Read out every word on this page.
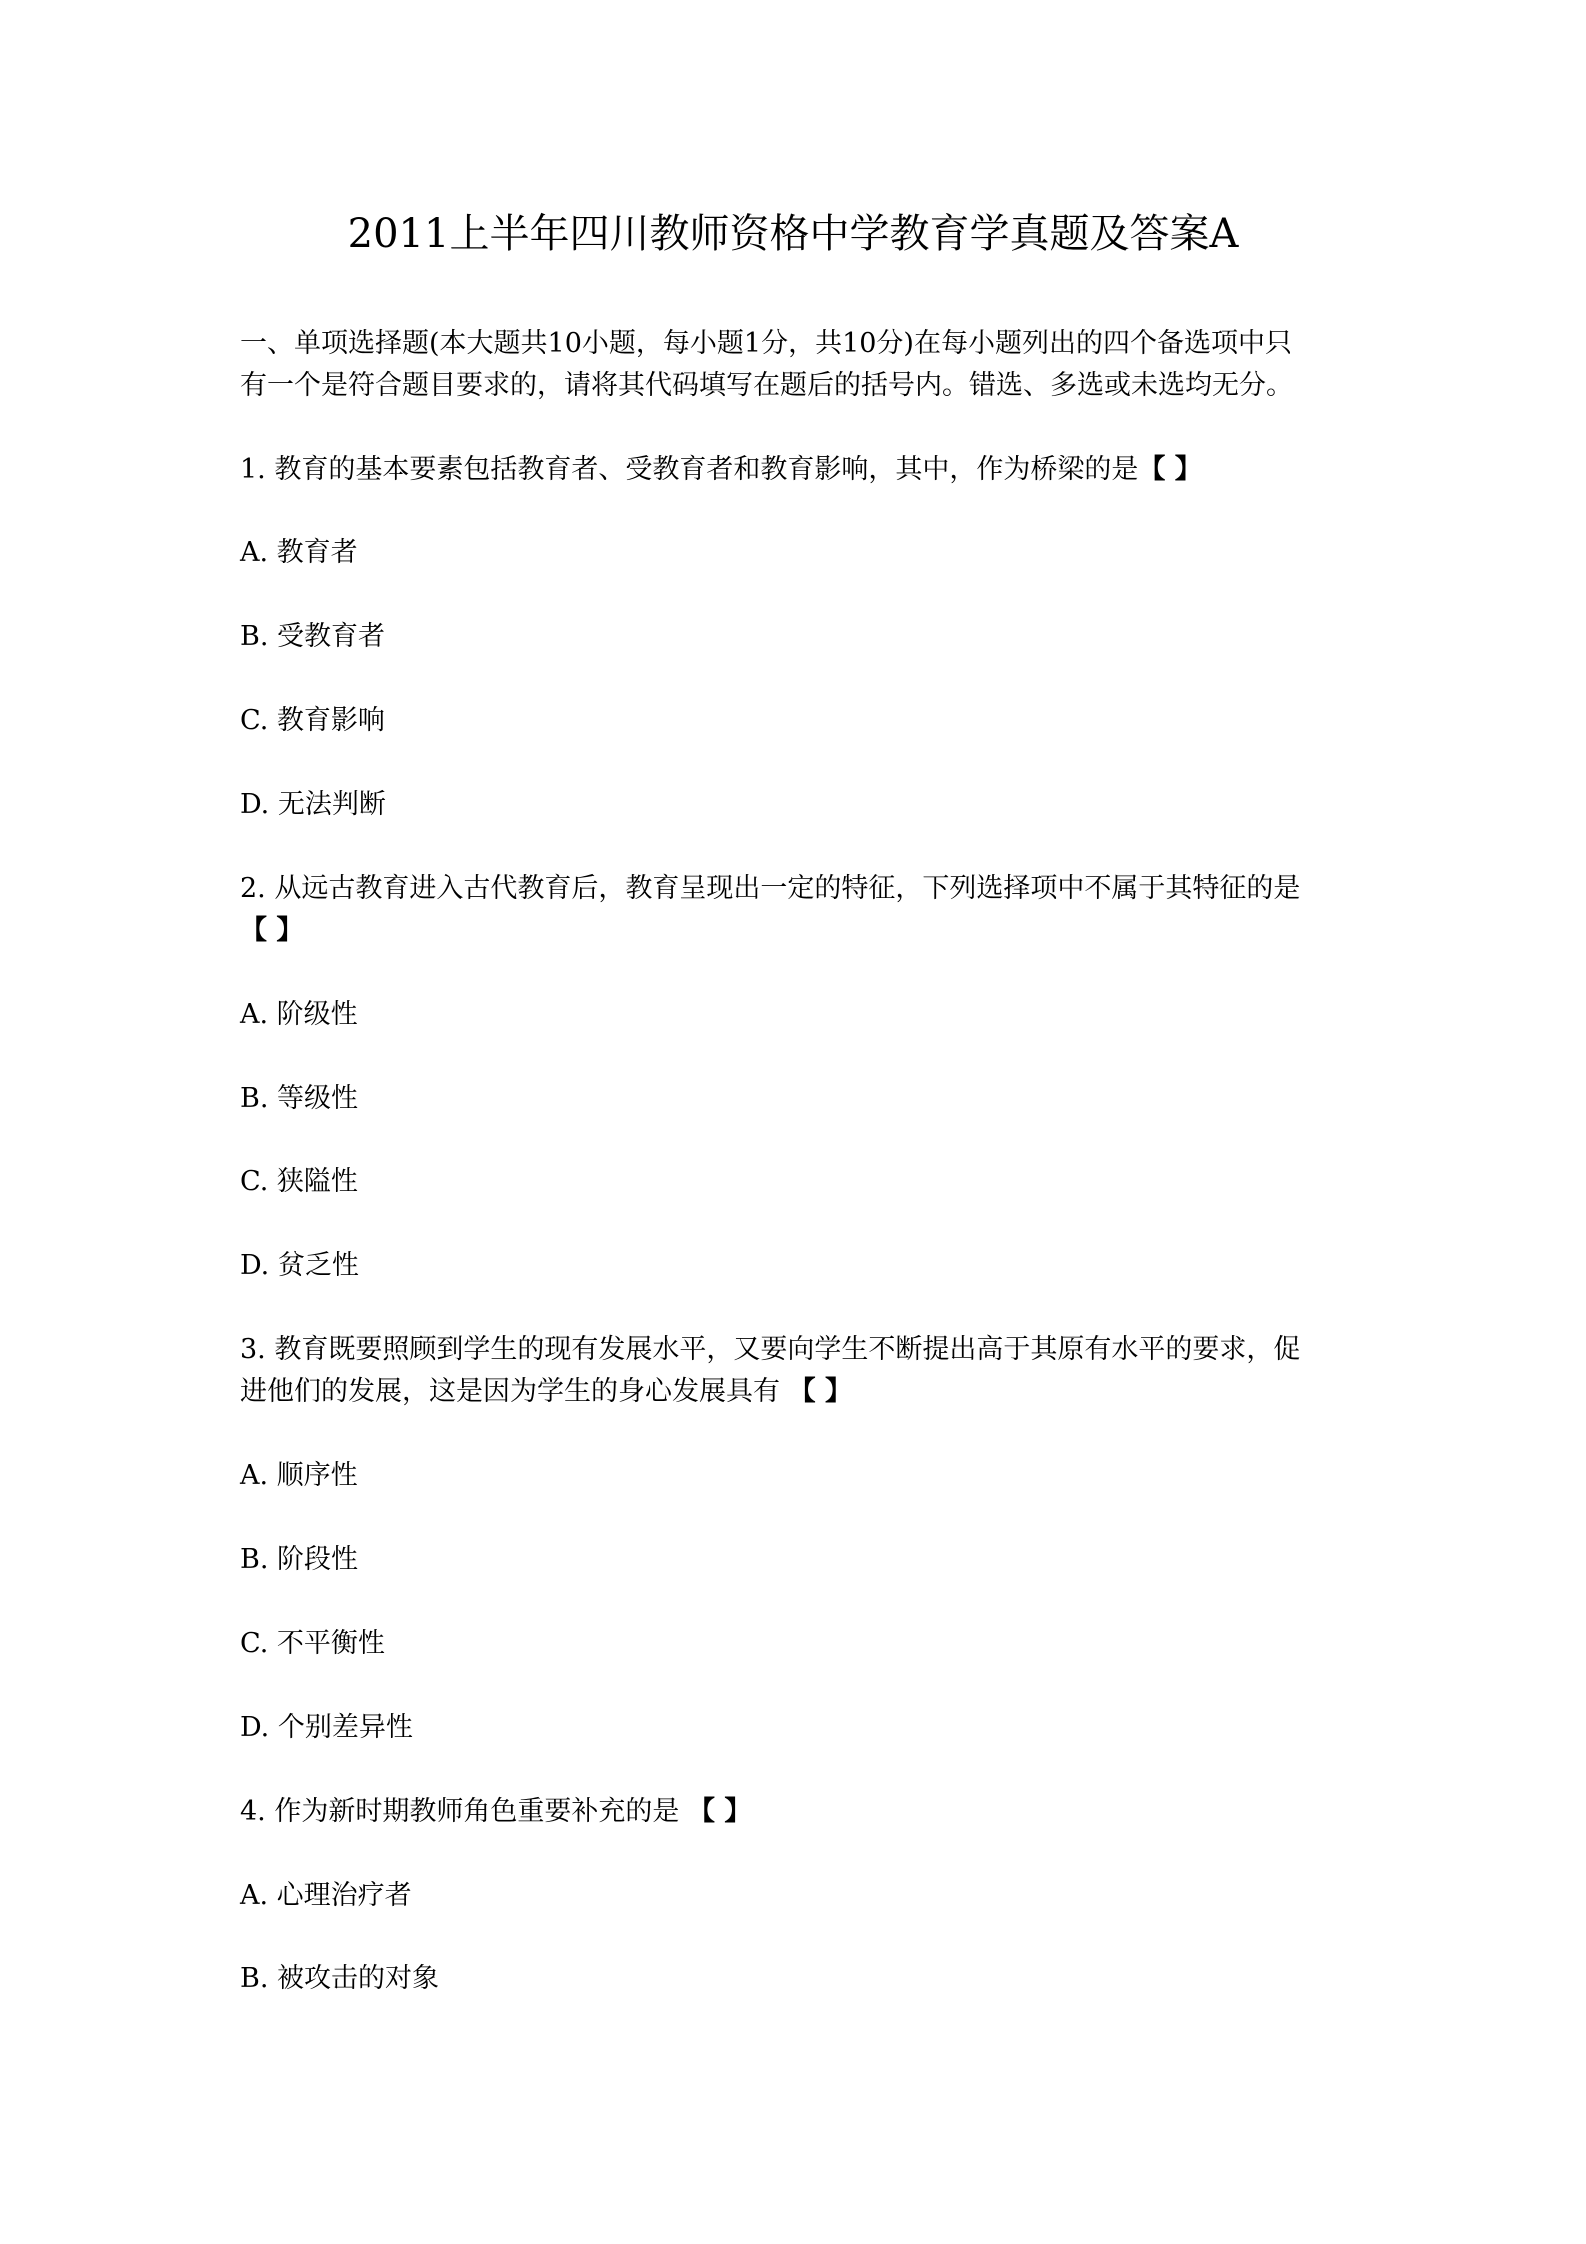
2011上半年四川教师资格中学教育学真题及答案A

一、单项选择题(本大题共10小题，每小题1分，共10分)在每小题列出的四个备选项中只

有一个是符合题目要求的，请将其代码填写在题后的括号内。错选、多选或未选均无分。

1. 教育的基本要素包括教育者、受教育者和教育影响，其中，作为桥梁的是【 】

A. 教育者

B. 受教育者

C. 教育影响

D. 无法判断

2. 从远古教育进入古代教育后，教育呈现出一定的特征，下列选择项中不属于其特征的是

【 】

A. 阶级性

B. 等级性

C. 狭隘性

D. 贫乏性

3. 教育既要照顾到学生的现有发展水平，又要向学生不断提出高于其原有水平的要求，促

进他们的发展，这是因为学生的身心发展具有 【 】

A. 顺序性

B. 阶段性

C. 不平衡性

D. 个别差异性

4. 作为新时期教师角色重要补充的是 【 】

A. 心理治疗者

B. 被攻击的对象
